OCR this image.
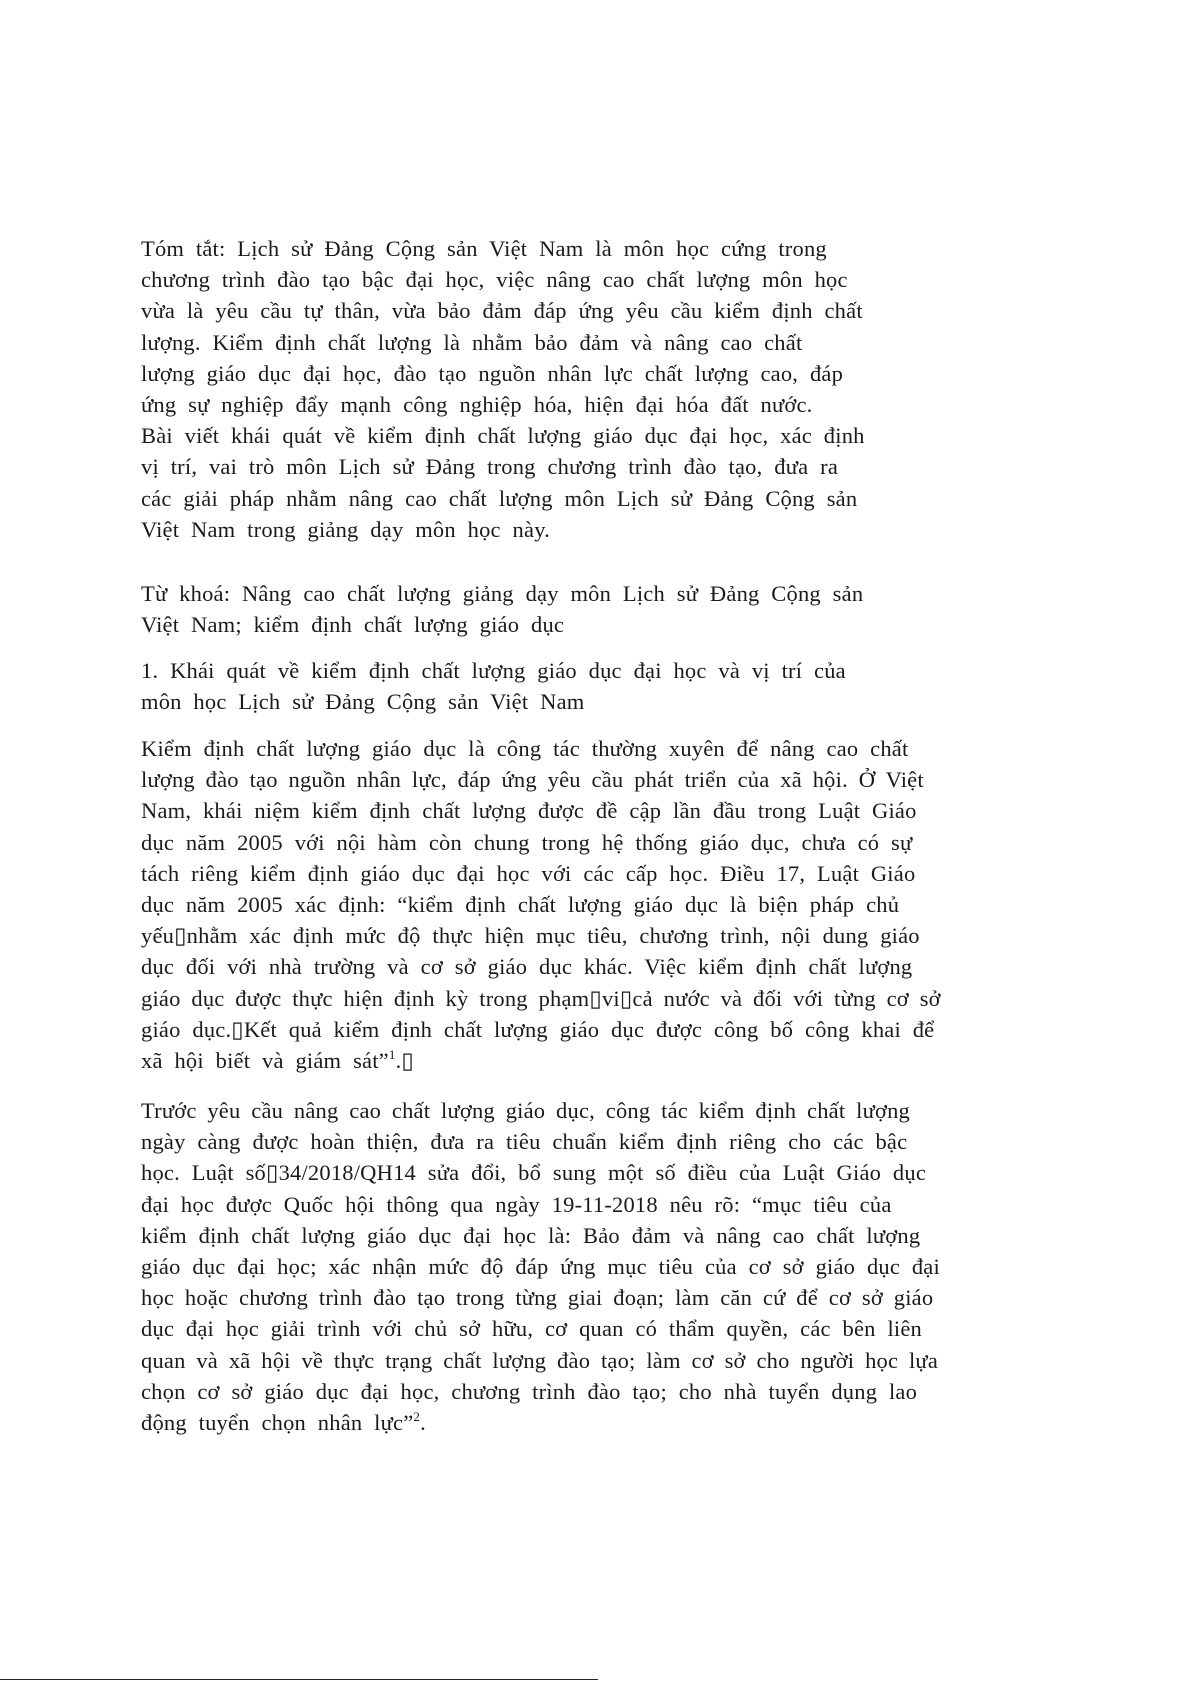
Tóm tắt: Lịch sử Đảng Cộng sản Việt Nam là môn học cứng trong
chương trình đào tạo bậc đại học, việc nâng cao chất lượng môn học
vừa là yêu cầu tự thân, vừa bảo đảm đáp ứng yêu cầu kiểm định chất
lượng. Kiểm định chất lượng là nhằm bảo đảm và nâng cao chất
lượng giáo dục đại học, đào tạo nguồn nhân lực chất lượng cao, đáp
ứng sự nghiệp đẩy mạnh công nghiệp hóa, hiện đại hóa đất nước.
Bài viết khái quát về kiểm định chất lượng giáo dục đại học, xác định
vị trí, vai trò môn Lịch sử Đảng trong chương trình đào tạo, đưa ra
các giải pháp nhằm nâng cao chất lượng môn Lịch sử Đảng Cộng sản
Việt Nam trong giảng dạy môn học này.
Từ khoá: Nâng cao chất lượng giảng dạy môn Lịch sử Đảng Cộng sản
Việt Nam; kiểm định chất lượng giáo dục
1. Khái quát về kiểm định chất lượng giáo dục đại học và vị trí của
môn học Lịch sử Đảng Cộng sản Việt Nam
Kiểm định chất lượng giáo dục là công tác thường xuyên để nâng cao chất
lượng đào tạo nguồn nhân lực, đáp ứng yêu cầu phát triển của xã hội. Ở Việt
Nam, khái niệm kiểm định chất lượng được đề cập lần đầu trong Luật Giáo
dục năm 2005 với nội hàm còn chung trong hệ thống giáo dục, chưa có sự
tách riêng kiểm định giáo dục đại học với các cấp học. Điều 17, Luật Giáo
dục năm 2005 xác định: “kiểm định chất lượng giáo dục là biện pháp chủ
yếu▯nhằm xác định mức độ thực hiện mục tiêu, chương trình, nội dung giáo
dục đối với nhà trường và cơ sở giáo dục khác. Việc kiểm định chất lượng
giáo dục được thực hiện định kỳ trong phạm▯vi▯cả nước và đối với từng cơ sở
giáo dục.▯Kết quả kiểm định chất lượng giáo dục được công bố công khai để
xã hội biết và giám sát”$^1$.▯
Trước yêu cầu nâng cao chất lượng giáo dục, công tác kiểm định chất lượng
ngày càng được hoàn thiện, đưa ra tiêu chuẩn kiểm định riêng cho các bậc
học. Luật số▯34/2018/QH14 sửa đổi, bổ sung một số điều của Luật Giáo dục
đại học được Quốc hội thông qua ngày 19-11-2018 nêu rõ: “mục tiêu của
kiểm định chất lượng giáo dục đại học là: Bảo đảm và nâng cao chất lượng
giáo dục đại học; xác nhận mức độ đáp ứng mục tiêu của cơ sở giáo dục đại
học hoặc chương trình đào tạo trong từng giai đoạn; làm căn cứ để cơ sở giáo
dục đại học giải trình với chủ sở hữu, cơ quan có thẩm quyền, các bên liên
quan và xã hội về thực trạng chất lượng đào tạo; làm cơ sở cho người học lựa
chọn cơ sở giáo dục đại học, chương trình đào tạo; cho nhà tuyển dụng lao
động tuyển chọn nhân lực”$^2$.
